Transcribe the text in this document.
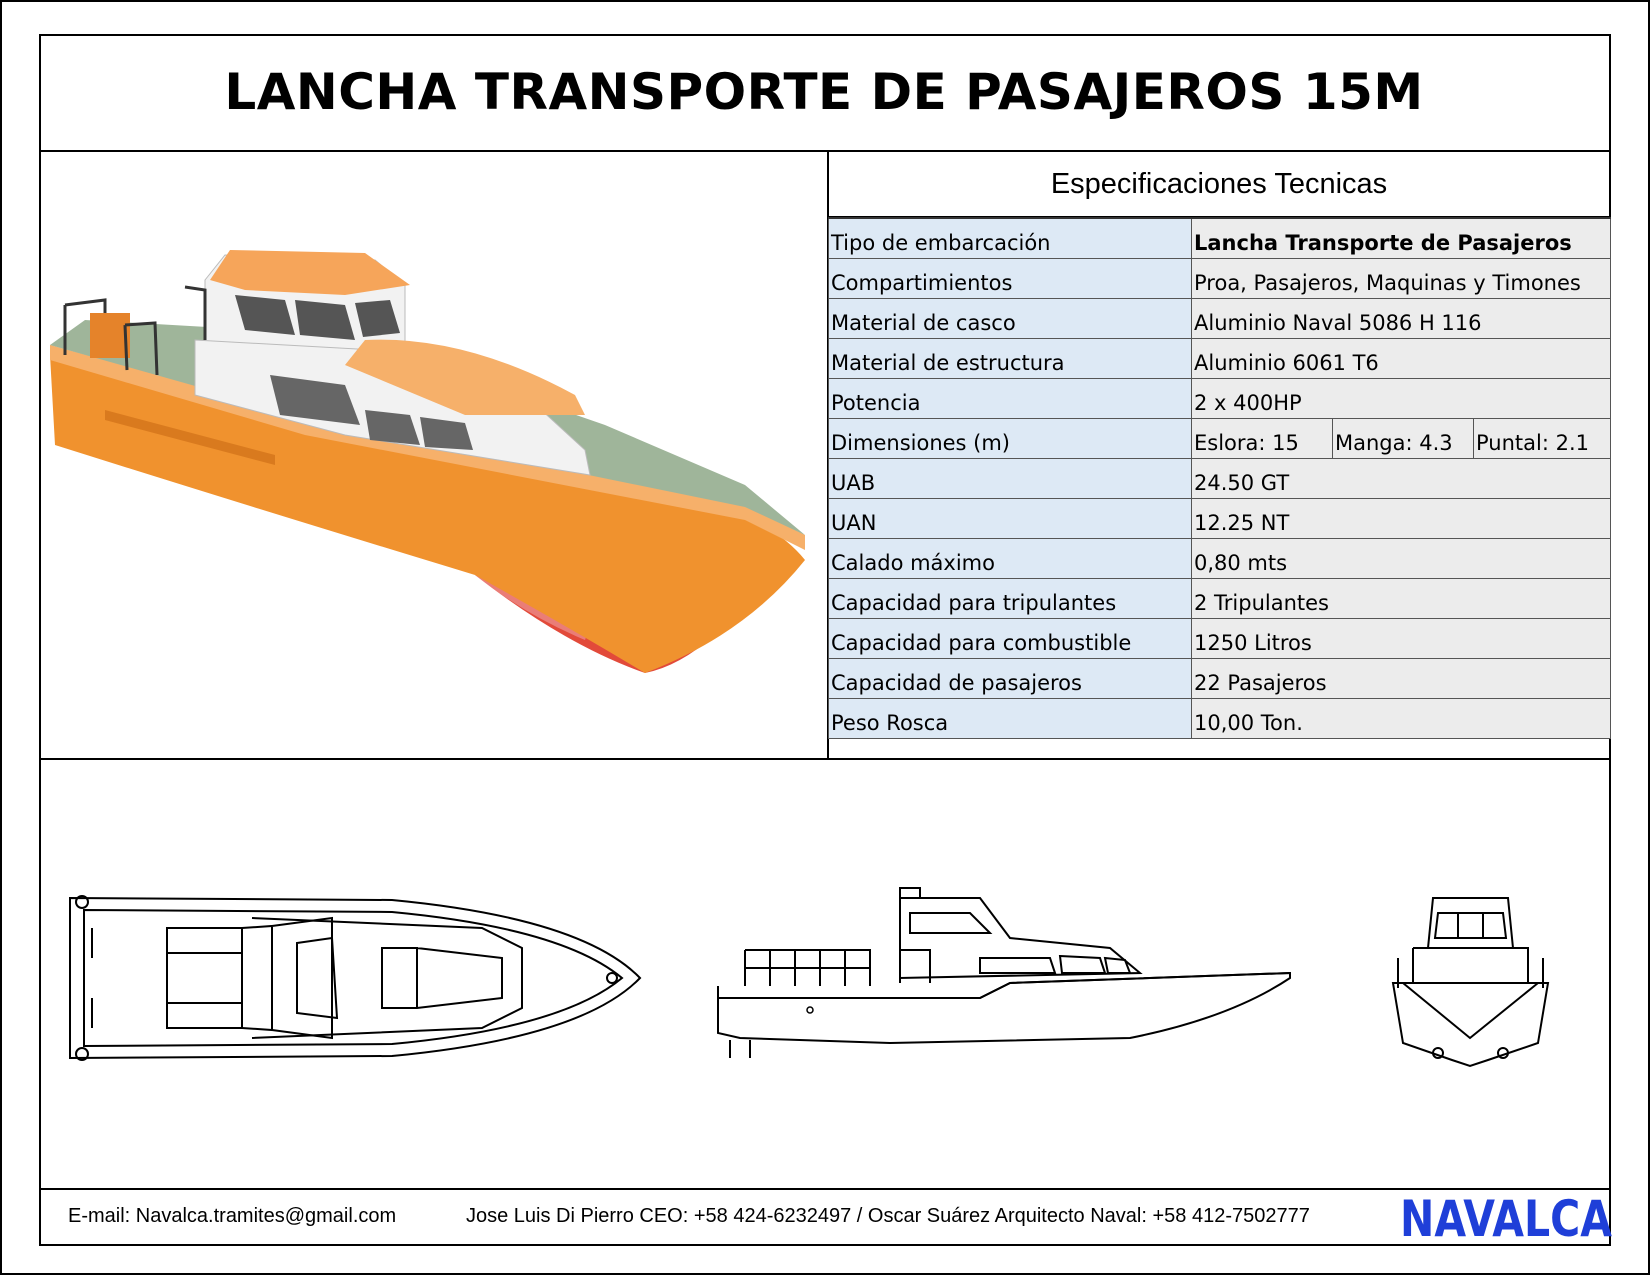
LANCHA TRANSPORTE DE PASAJEROS 15M
Especificaciones Tecnicas
Tipo de embarcación	Lancha Transporte de Pasajeros		
Compartimientos	Proa, Pasajeros, Maquinas y Timones		
Material de casco	Aluminio Naval 5086 H 116		
Material de estructura	Aluminio 6061 T6		
Potencia	2 x 400HP		
Dimensiones (m)	Eslora: 15	Manga: 4.3	Puntal: 2.1
UAB	24.50 GT		
UAN	12.25 NT		
Calado máximo	0,80 mts		
Capacidad para tripulantes	2 Tripulantes		
Capacidad para combustible	1250 Litros		
Capacidad de pasajeros	22 Pasajeros		
Peso Rosca	10,00 Ton.		
E-mail: Navalca.tramites@gmail.com	Jose Luis Di Pierro CEO: +58 424-6232497 / Oscar Suárez Arquitecto Naval: +58 412-7502777 NAVALCA
